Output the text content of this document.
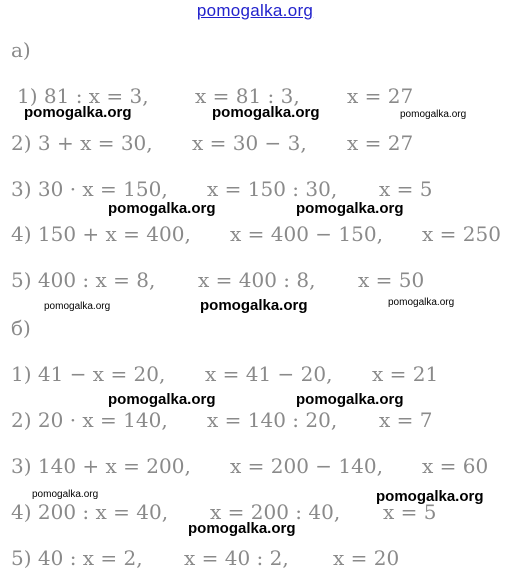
pomogalka.org
а)
1) 81 : x = 3, x = 81 : 3, x = 27
2) 3 + x = 30, x = 30 − 3, x = 27
3) 30 · x = 150, x = 150 : 30, x = 5
4) 150 + x = 400, x = 400 − 150, x = 250
5) 400 : x = 8, x = 400 : 8, x = 50
б)
1) 41 − x = 20, x = 41 − 20, x = 21
2) 20 · x = 140, x = 140 : 20, x = 7
3) 140 + x = 200, x = 200 − 140, x = 60
4) 200 : x = 40, x = 200 : 40, x = 5
5) 40 : x = 2, x = 40 : 2, x = 20
pomogalka.org	pomogalka.org	pomogalka.org
pomogalka.org	pomogalka.org
pomogalka.org	pomogalka.org	pomogalka.org
pomogalka.org	pomogalka.org
pomogalka.org	pomogalka.org
pomogalka.org
